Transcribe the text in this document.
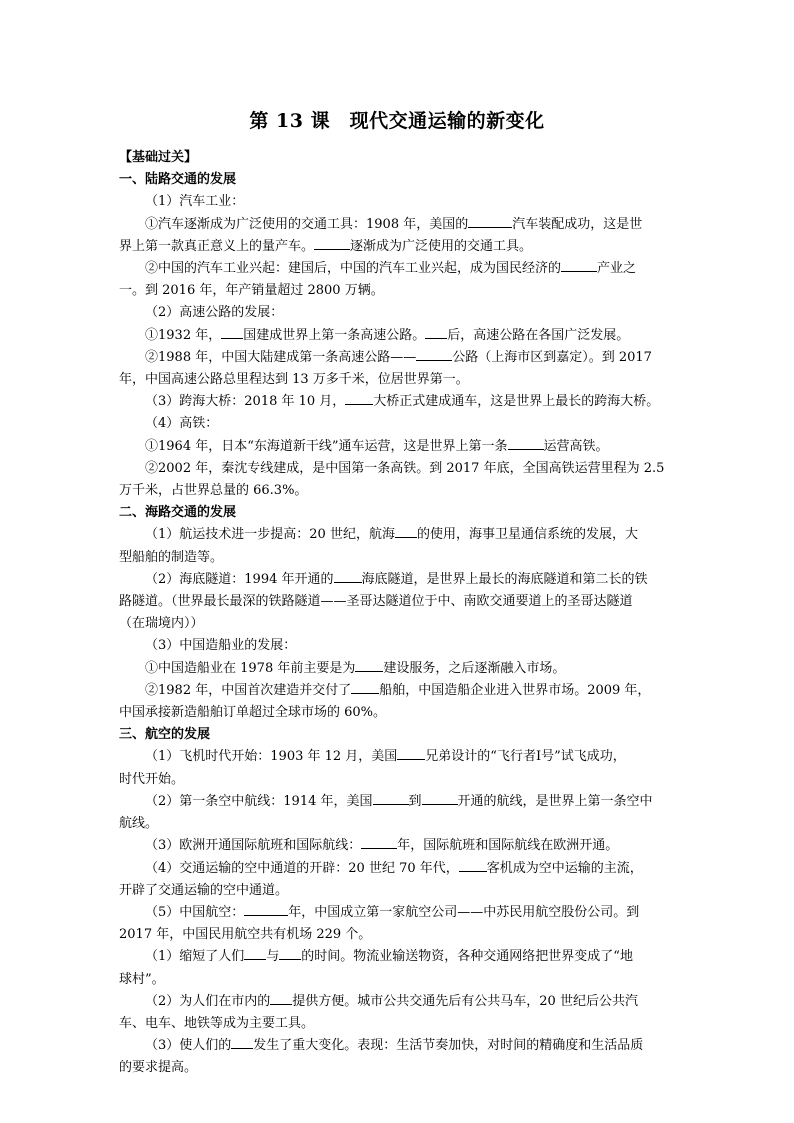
第 13 课　现代交通运输的新变化
【基础过关】
一、陆路交通的发展
（1）汽车工业：
①汽车逐渐成为广泛使用的交通工具：1908 年，美国的	汽车装配成功，这是世
界上第一款真正意义上的量产车。	逐渐成为广泛使用的交通工具。
②中国的汽车工业兴起：建国后，中国的汽车工业兴起，成为国民经济的	产业之
一。到 2016 年，年产销量超过 2800 万辆。
（2）高速公路的发展：
①1932 年， 国建成世界上第一条高速公路。 后，高速公路在各国广泛发展。
②1988 年，中国大陆建成第一条高速公路——	公路（上海市区到嘉定）。到 2017
年，中国高速公路总里程达到 13 万多千米，位居世界第一。
（3）跨海大桥：2018 年 10 月， 大桥正式建成通车，这是世界上最长的跨海大桥。
（4）高铁：
①1964 年，日本“东海道新干线”通车运营，这是世界上第一条	运营高铁。
②2002 年，秦沈专线建成，是中国第一条高铁。到 2017 年底，全国高铁运营里程为 2.5
万千米，占世界总量的 66.3%。
二、海路交通的发展
（1）航运技术进一步提高：20 世纪，航海 的使用，海事卫星通信系统的发展，大
型船舶的制造等。
（2）海底隧道：1994 年开通的 海底隧道，是世界上最长的海底隧道和第二长的铁
路隧道。（世界最长最深的铁路隧道——圣哥达隧道位于中、南欧交通要道上的圣哥达隧道
（在瑞境内））
（3）中国造船业的发展：
①中国造船业在 1978 年前主要是为 建设服务，之后逐渐融入市场。
②1982 年，中国首次建造并交付了 船舶，中国造船企业进入世界市场。2009 年，
中国承接新造船舶订单超过全球市场的 60%。
三、航空的发展
（1）飞机时代开始：1903 年 12 月，美国 兄弟设计的“飞行者Ⅰ号”试飞成功，
时代开始。
（2）第一条空中航线：1914 年，美国	到	开通的航线，是世界上第一条空中
航线。
（3）欧洲开通国际航班和国际航线：	年，国际航班和国际航线在欧洲开通。
（4）交通运输的空中通道的开辟：20 世纪 70 年代， 客机成为空中运输的主流，
开辟了交通运输的空中通道。
（5）中国航空：	年，中国成立第一家航空公司——中苏民用航空股份公司。到
2017 年，中国民用航空共有机场 229 个。
（1）缩短了人们 与 的时间。物流业输送物资，各种交通网络把世界变成了“地
球村”。
（2）为人们在市内的 提供方便。城市公共交通先后有公共马车，20 世纪后公共汽
车、电车、地铁等成为主要工具。
（3）使人们的 发生了重大变化。表现：生活节奏加快，对时间的精确度和生活品质
的要求提高。
